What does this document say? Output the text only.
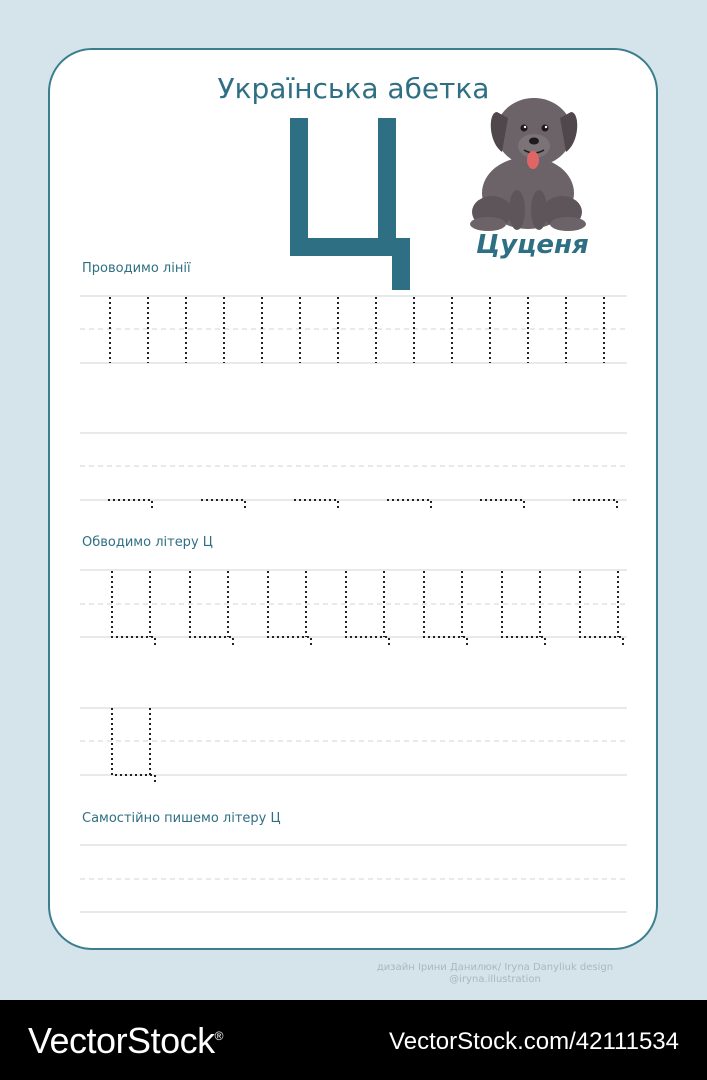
Українська абетка
Цуценя
Проводимо лінії
Обводимо літеру Ц
Самостійно пишемо літеру Ц
дизайн Ірини Данилюк/ Iryna Danyliuk design
@iryna.illustration
VectorStock®	VectorStock.com/42111534
